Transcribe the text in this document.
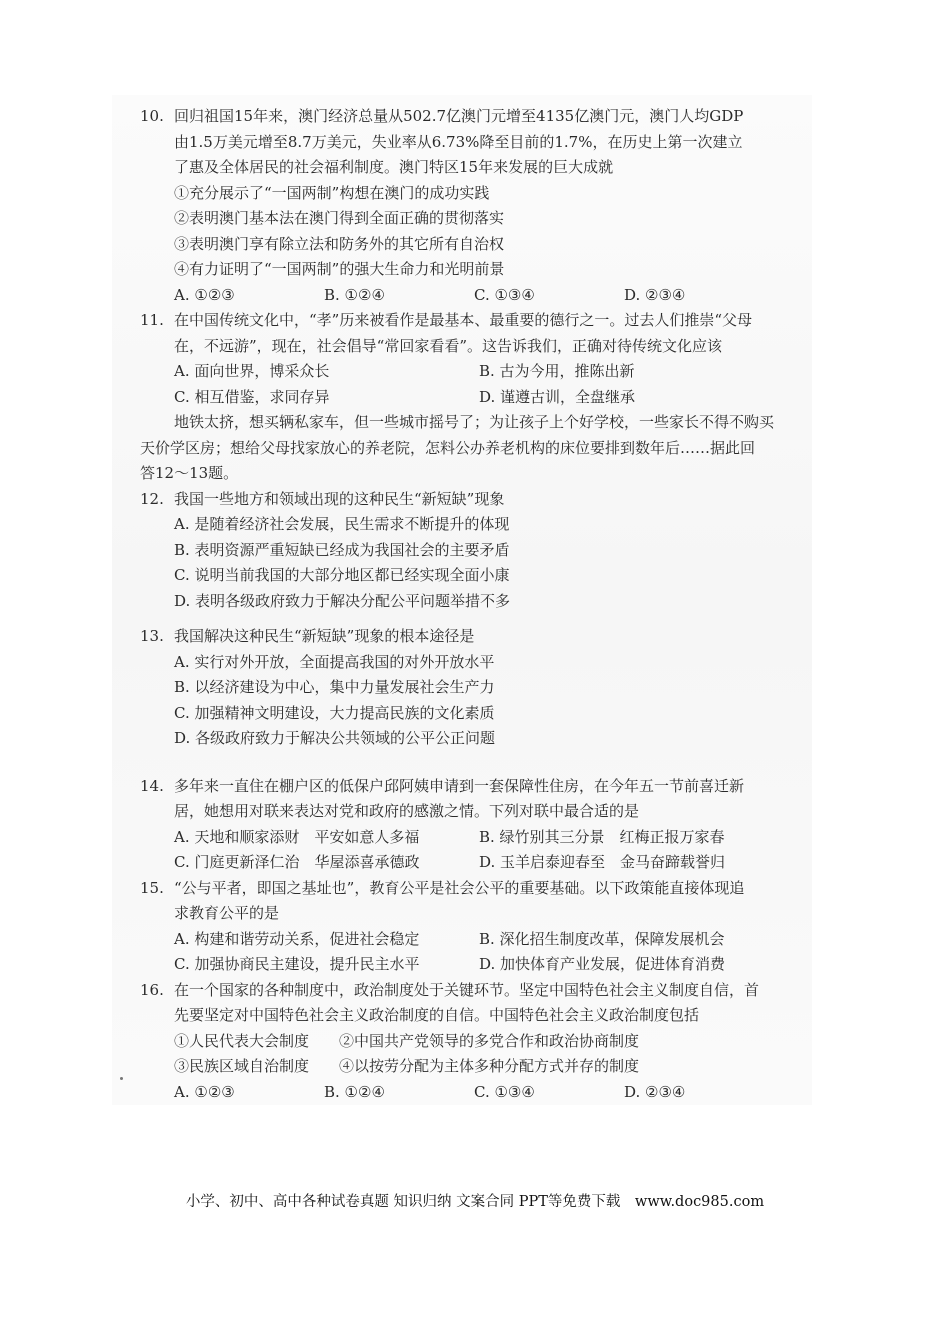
10. 回归祖国15年来，澳门经济总量从502.7亿澳门元增至4135亿澳门元，澳门人均GDP
由1.5万美元增至8.7万美元，失业率从6.73%降至目前的1.7%，在历史上第一次建立
了惠及全体居民的社会福利制度。澳门特区15年来发展的巨大成就
①充分展示了“一国两制”构想在澳门的成功实践
②表明澳门基本法在澳门得到全面正确的贯彻落实
③表明澳门享有除立法和防务外的其它所有自治权
④有力证明了“一国两制”的强大生命力和光明前景
A. ①②③	B. ①②④	C. ①③④	D. ②③④
11. 在中国传统文化中，“孝”历来被看作是最基本、最重要的德行之一。过去人们推崇“父母
在，不远游”，现在，社会倡导“常回家看看”。这告诉我们，正确对待传统文化应该
A. 面向世界，博采众长	B. 古为今用，推陈出新
C. 相互借鉴，求同存异	D. 谨遵古训，全盘继承
地铁太挤，想买辆私家车，但一些城市摇号了；为让孩子上个好学校，一些家长不得不购买
天价学区房；想给父母找家放心的养老院，怎料公办养老机构的床位要排到数年后……据此回
答12～13题。
12. 我国一些地方和领域出现的这种民生“新短缺”现象
A. 是随着经济社会发展，民生需求不断提升的体现
B. 表明资源严重短缺已经成为我国社会的主要矛盾
C. 说明当前我国的大部分地区都已经实现全面小康
D. 表明各级政府致力于解决分配公平问题举措不多
13. 我国解决这种民生“新短缺”现象的根本途径是
A. 实行对外开放，全面提高我国的对外开放水平
B. 以经济建设为中心，集中力量发展社会生产力
C. 加强精神文明建设，大力提高民族的文化素质
D. 各级政府致力于解决公共领域的公平公正问题
14. 多年来一直住在棚户区的低保户邱阿姨申请到一套保障性住房，在今年五一节前喜迁新
居，她想用对联来表达对党和政府的感激之情。下列对联中最合适的是
A. 天地和顺家添财　平安如意人多福	B. 绿竹别其三分景　红梅正报万家春
C. 门庭更新泽仁治　华屋添喜承德政	D. 玉羊启泰迎春至　金马奋蹄载誉归
15. “公与平者，即国之基址也”，教育公平是社会公平的重要基础。以下政策能直接体现追
求教育公平的是
A. 构建和谐劳动关系，促进社会稳定	B. 深化招生制度改革，保障发展机会
C. 加强协商民主建设，提升民主水平	D. 加快体育产业发展，促进体育消费
16. 在一个国家的各种制度中，政治制度处于关键环节。坚定中国特色社会主义制度自信，首
先要坚定对中国特色社会主义政治制度的自信。中国特色社会主义政治制度包括
①人民代表大会制度　　②中国共产党领导的多党合作和政治协商制度
③民族区域自治制度　　④以按劳分配为主体多种分配方式并存的制度
A. ①②③	B. ①②④	C. ①③④	D. ②③④
小学、初中、高中各种试卷真题 知识归纳 文案合同 PPT等免费下载　www.doc985.com
